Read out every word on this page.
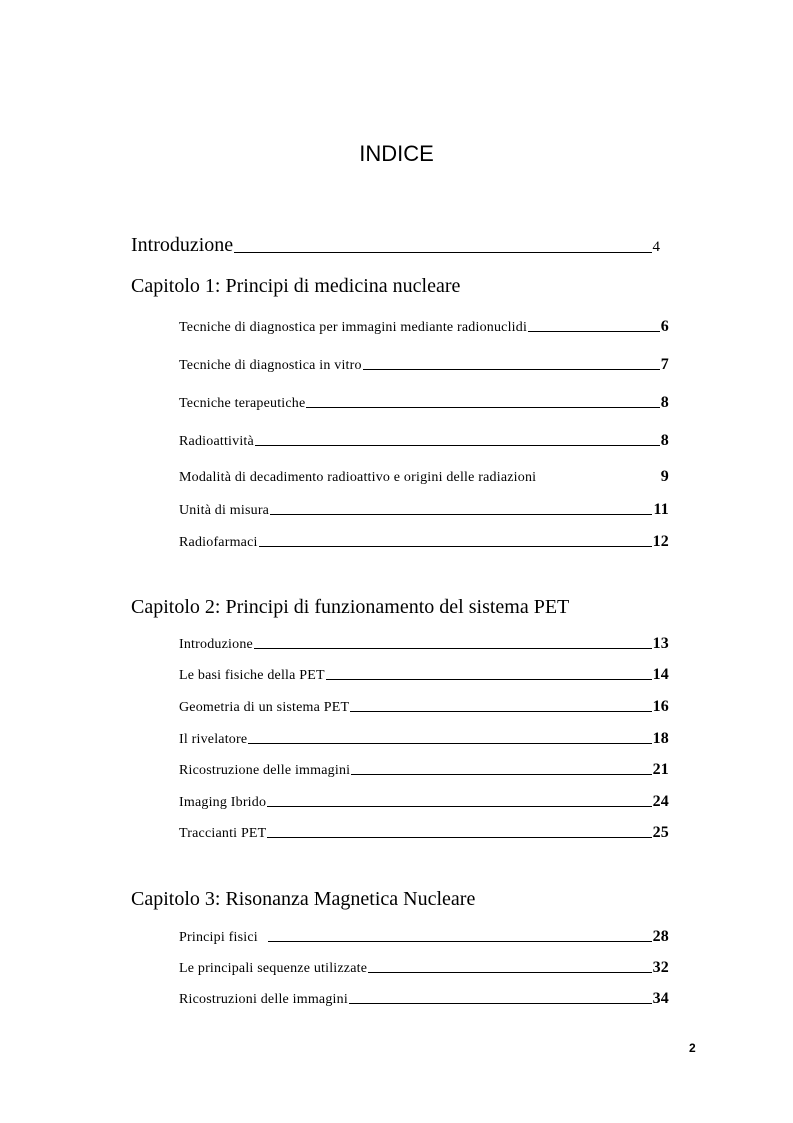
INDICE
Introduzione	4
Capitolo 1: Principi di medicina nucleare
Tecniche di diagnostica per immagini mediante radionuclidi	6
Tecniche di diagnostica in vitro	7
Tecniche terapeutiche	8
Radioattività	8
Modalità di decadimento radioattivo e origini delle radiazioni	9
Unità di misura	11
Radiofarmaci	12
Capitolo 2: Principi di funzionamento del sistema PET
Introduzione	13
Le basi fisiche della PET	14
Geometria di un sistema PET	16
Il rivelatore	18
Ricostruzione delle immagini	21
Imaging Ibrido	24
Traccianti PET	25
Capitolo 3: Risonanza Magnetica Nucleare
Principi fisici	28
Le principali sequenze utilizzate	32
Ricostruzioni delle immagini	34
2
